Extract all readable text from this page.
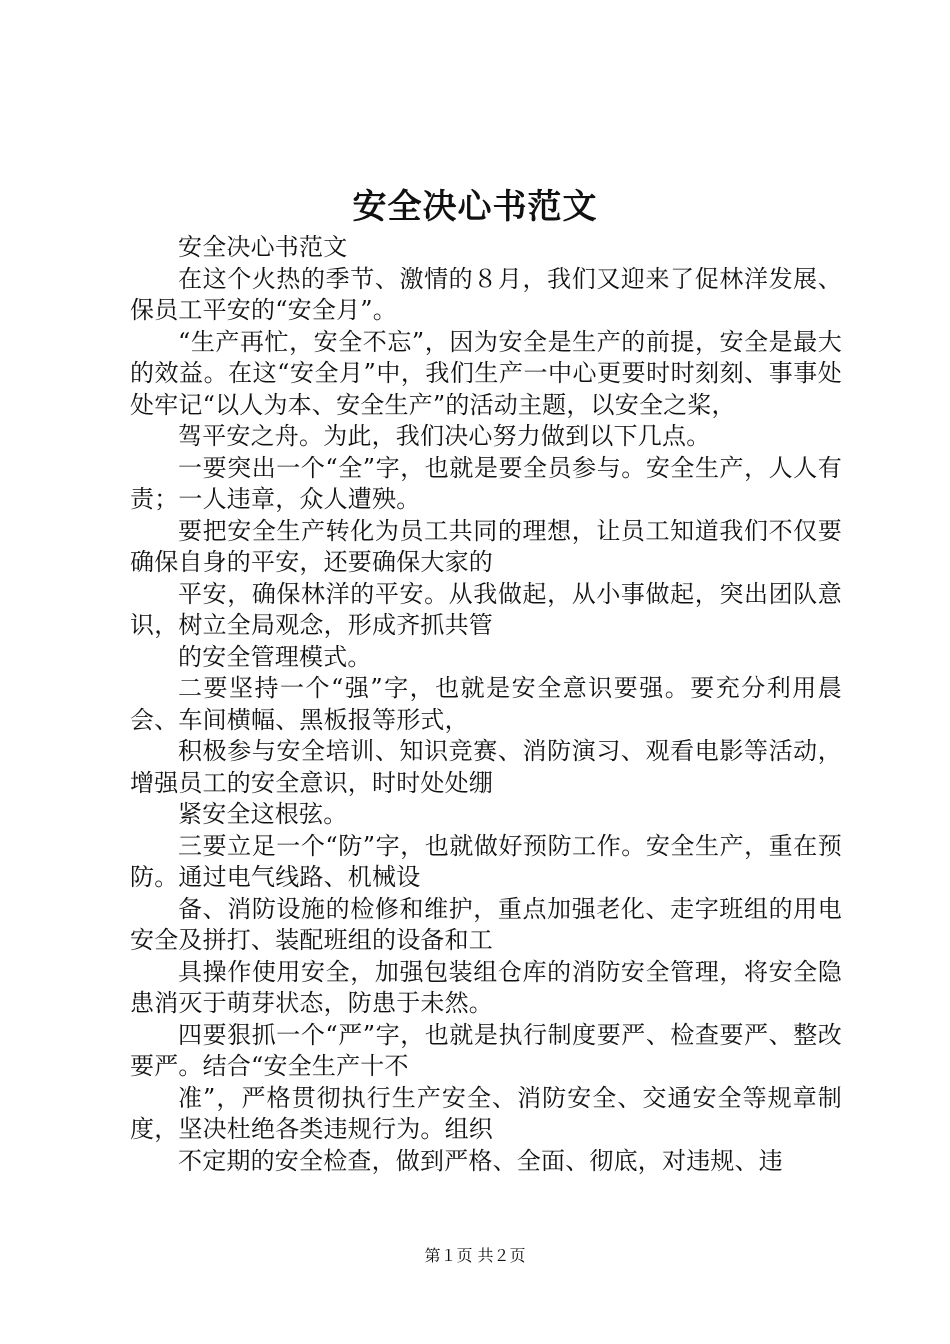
安全决心书范文

安全决心书范文

在这个火热的季节、激情的８月，我们又迎来了促林洋发展、保员工平安的“安全月”。

“生产再忙，安全不忘”，因为安全是生产的前提，安全是最大的效益。在这“安全月”中，我们生产一中心更要时时刻刻、事事处处牢记“以人为本、安全生产”的活动主题，以安全之桨，

驾平安之舟。为此，我们决心努力做到以下几点。

一要突出一个“全”字，也就是要全员参与。安全生产，人人有责；一人违章，众人遭殃。

要把安全生产转化为员工共同的理想，让员工知道我们不仅要确保自身的平安，还要确保大家的

平安，确保林洋的平安。从我做起，从小事做起，突出团队意识，树立全局观念，形成齐抓共管

的安全管理模式。

二要坚持一个“强”字，也就是安全意识要强。要充分利用晨会、车间横幅、黑板报等形式，

积极参与安全培训、知识竞赛、消防演习、观看电影等活动，增强员工的安全意识，时时处处绷

紧安全这根弦。

三要立足一个“防”字，也就做好预防工作。安全生产，重在预防。通过电气线路、机械设

备、消防设施的检修和维护，重点加强老化、走字班组的用电安全及拼打、装配班组的设备和工

具操作使用安全，加强包装组仓库的消防安全管理，将安全隐患消灭于萌芽状态，防患于未然。

四要狠抓一个“严”字，也就是执行制度要严、检查要严、整改要严。结合“安全生产十不

准”，严格贯彻执行生产安全、消防安全、交通安全等规章制度，坚决杜绝各类违规行为。组织

不定期的安全检查，做到严格、全面、彻底，对违规、违

第１页 共２页
